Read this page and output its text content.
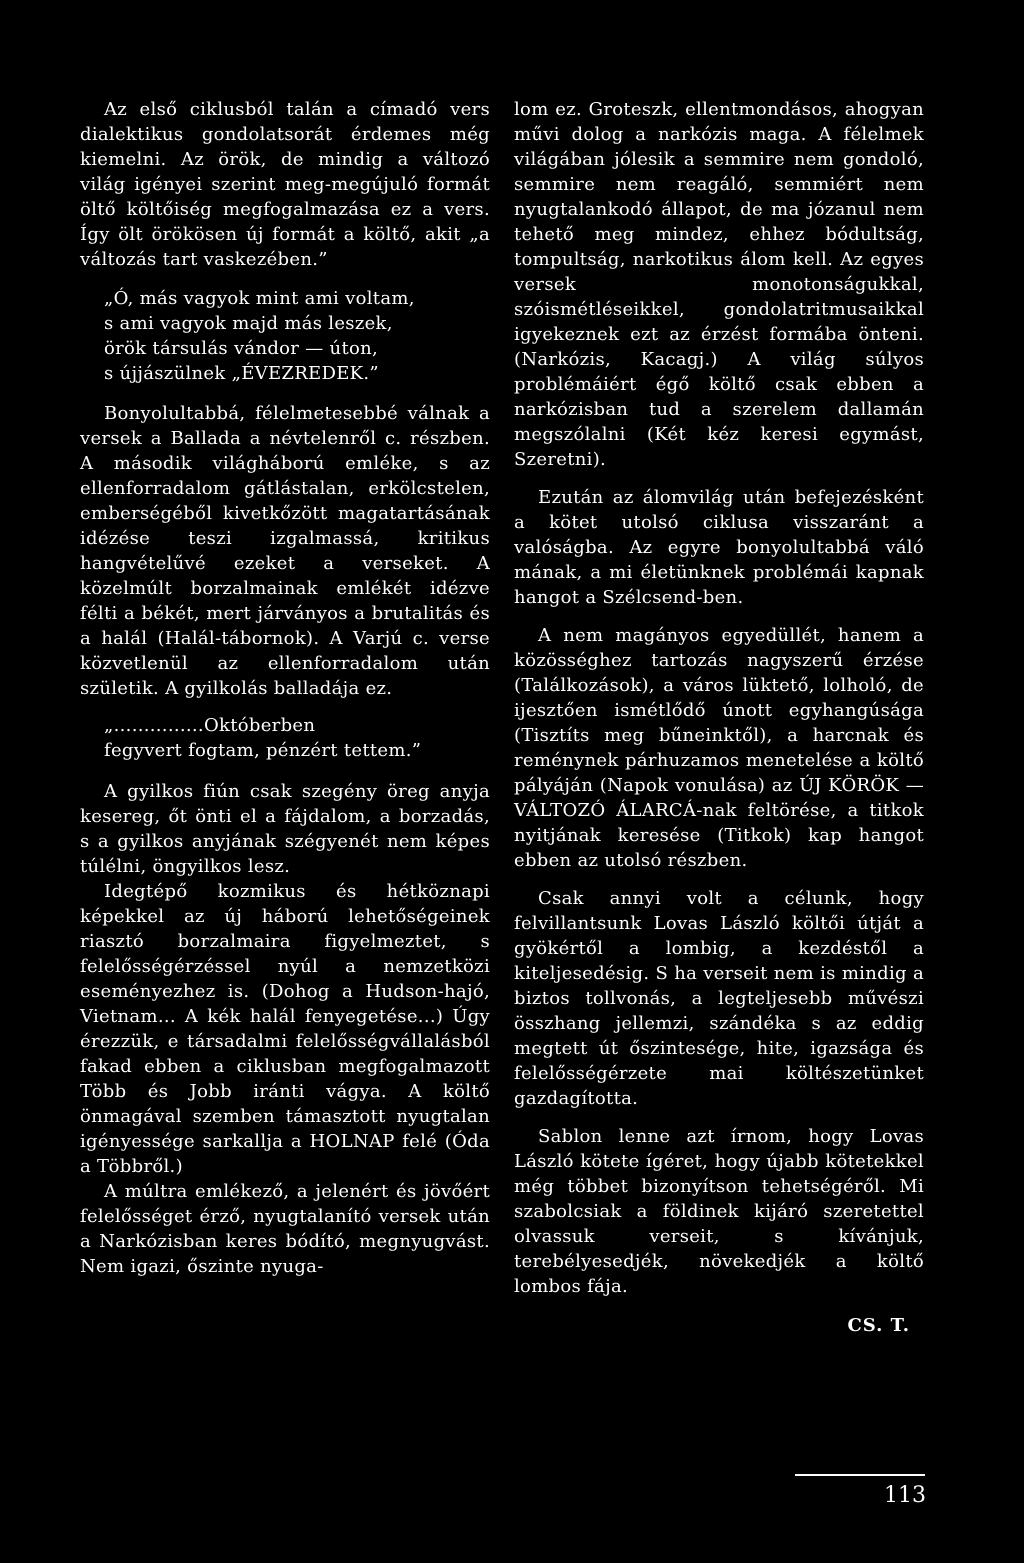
Az első ciklusból talán a címadó vers dialektikus gondolatsorát érdemes még kiemelni. Az örök, de mindig a változó világ igényei szerint meg-megújuló formát öltő költőiség megfogalmazása ez a vers. Így ölt örökösen új formát a költő, akit „a változás tart vaskezében.”

„Ó, más vagyok mint ami voltam,
s ami vagyok majd más leszek,
örök társulás vándor — úton,
s újjászülnek „ÉVEZREDEK.”

Bonyolultabbá, félelmetesebbé válnak a versek a Ballada a névtelenről c. részben. A második világháború emléke, s az ellenforradalom gátlástalan, erkölcstelen, emberségéből kivetkőzött magatartásának idézése teszi izgalmassá, kritikus hangvételűvé ezeket a verseket. A közelmúlt borzalmainak emlékét idézve félti a békét, mert járványos a brutalitás és a halál (Halál-tábornok). A Varjú c. verse közvetlenül az ellenforradalom után születik. A gyilkolás balladája ez.

„...............Októberben
fegyvert fogtam, pénzért tettem.”

A gyilkos fiún csak szegény öreg anyja kesereg, őt önti el a fájdalom, a borzadás, s a gyilkos anyjának szégyenét nem képes túlélni, öngyilkos lesz.

Idegtépő kozmikus és hétköznapi képekkel az új háború lehetőségeinek riasztó borzalmaira figyelmeztet, s felelősségérzéssel nyúl a nemzetközi eseményezhez is. (Dohog a Hudson-hajó, Vietnam... A kék halál fenyegetése...) Úgy érezzük, e társadalmi felelősségvállalásból fakad ebben a ciklusban megfogalmazott Több és Jobb iránti vágya. A költő önmagával szemben támasztott nyugtalan igényessége sarkallja a HOLNAP felé (Óda a Többről.)

A múltra emlékező, a jelenért és jövőért felelősséget érző, nyugtalanító versek után a Narkózisban keres bódító, megnyugvást. Nem igazi, őszinte nyuga-

lom ez. Groteszk, ellentmondásos, ahogyan művi dolog a narkózis maga. A félelmek világában jólesik a semmire nem gondoló, semmire nem reagáló, semmiért nem nyugtalankodó állapot, de ma józanul nem tehető meg mindez, ehhez bódultság, tompultság, narkotikus álom kell. Az egyes versek monotonságukkal, szóismétléseikkel, gondolatritmusaikkal igyekeznek ezt az érzést formába önteni. (Narkózis, Kacagj.) A világ súlyos problémáiért égő költő csak ebben a narkózisban tud a szerelem dallamán megszólalni (Két kéz keresi egymást, Szeretni).

Ezután az álomvilág után befejezésként a kötet utolsó ciklusa visszaránt a valóságba. Az egyre bonyolultabbá váló mának, a mi életünknek problémái kapnak hangot a Szélcsend-ben.

A nem magányos egyedüllét, hanem a közösséghez tartozás nagyszerű érzése (Találkozások), a város lüktető, lolholó, de ijesztően ismétlődő únott egyhangúsága (Tisztíts meg bűneinktől), a harcnak és reménynek párhuzamos menetelése a költő pályáján (Napok vonulása) az ÚJ KÖRÖK — VÁLTOZÓ ÁLARCÁ-nak feltörése, a titkok nyitjának keresése (Titkok) kap hangot ebben az utolsó részben.

Csak annyi volt a célunk, hogy felvillantsunk Lovas László költői útját a gyökértől a lombig, a kezdéstől a kiteljesedésig. S ha verseit nem is mindig a biztos tollvonás, a legteljesebb művészi összhang jellemzi, szándéka s az eddig megtett út őszintesége, hite, igazsága és felelősségérzete mai költészetünket gazdagította.

Sablon lenne azt írnom, hogy Lovas László kötete ígéret, hogy újabb kötetekkel még többet bizonyítson tehetségéről. Mi szabolcsiak a földinek kijáró szeretettel olvassuk verseit, s kívánjuk, terebélyesedjék, növekedjék a költő lombos fája.

CS. T.
113
